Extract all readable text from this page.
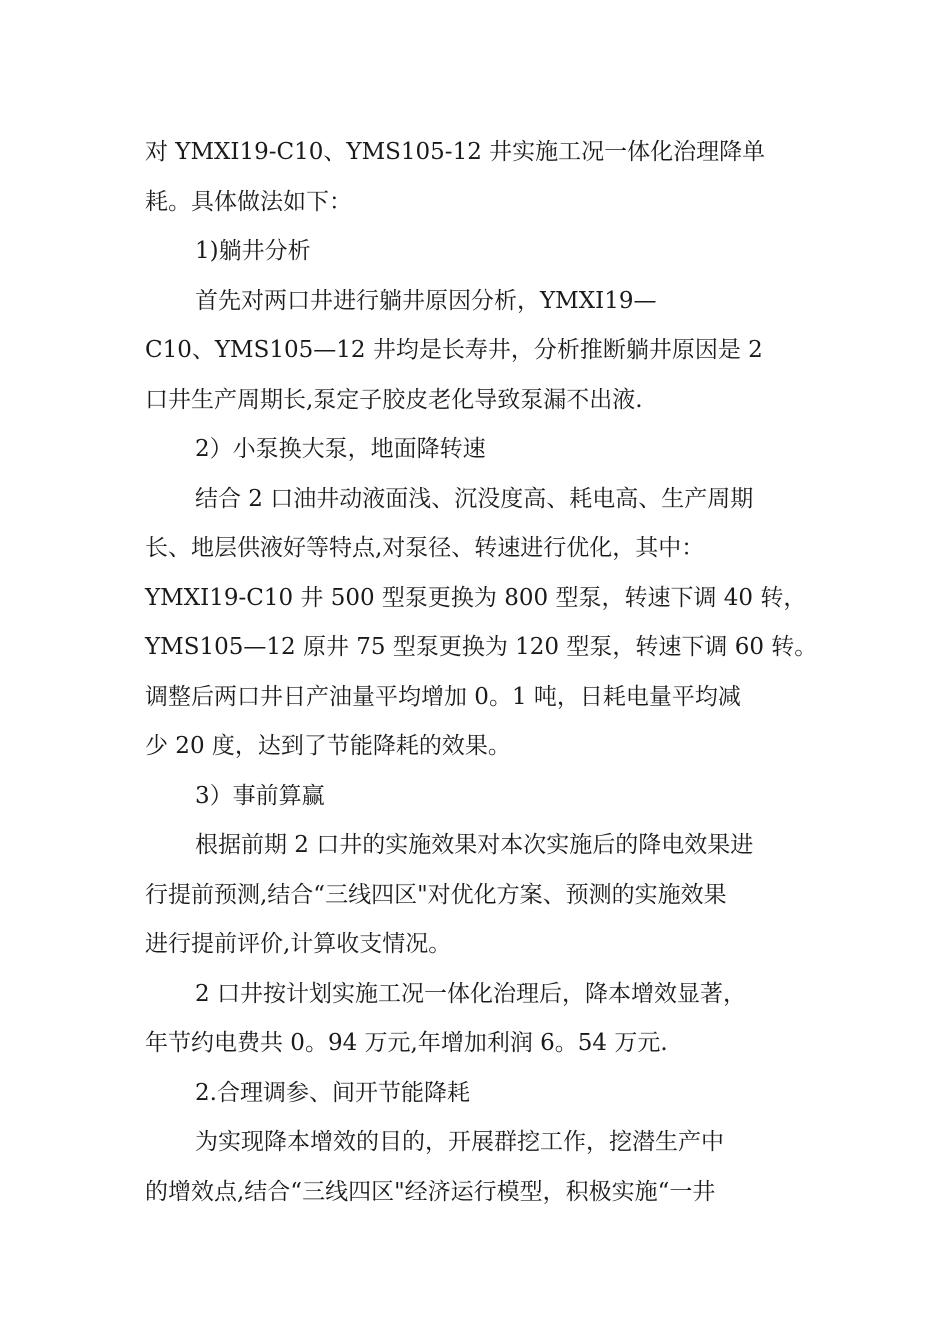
对 YMXI19-C10、YMS105-12 井实施工况一体化治理降单
耗。具体做法如下：
1)躺井分析
首先对两口井进行躺井原因分析，YMXI19—
C10、YMS105—12 井均是长寿井，分析推断躺井原因是 2
口井生产周期长,泵定子胶皮老化导致泵漏不出液.
2）小泵换大泵，地面降转速
结合 2 口油井动液面浅、沉没度高、耗电高、生产周期
长、地层供液好等特点,对泵径、转速进行优化，其中：
YMXI19-C10 井 500 型泵更换为 800 型泵，转速下调 40 转，
YMS105—12 原井 75 型泵更换为 120 型泵，转速下调 60 转。
调整后两口井日产油量平均增加 0。1 吨，日耗电量平均减
少 20 度，达到了节能降耗的效果。
3）事前算赢
根据前期 2 口井的实施效果对本次实施后的降电效果进
行提前预测,结合“三线四区"对优化方案、预测的实施效果
进行提前评价,计算收支情况。
2 口井按计划实施工况一体化治理后，降本增效显著，
年节约电费共 0。94 万元,年增加利润 6。54 万元.
2.合理调参、间开节能降耗
为实现降本增效的目的，开展群挖工作，挖潜生产中
的增效点,结合“三线四区"经济运行模型，积极实施“一井
